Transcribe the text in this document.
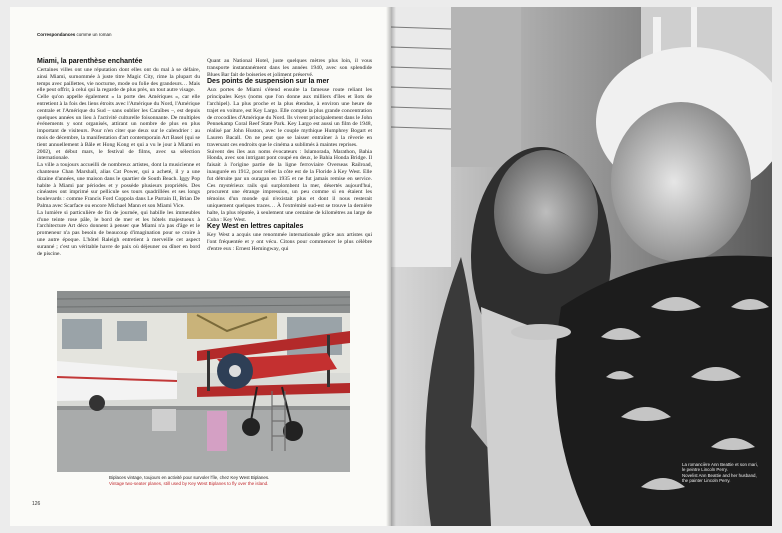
Correspondances comme un roman
Miami, la parenthèse enchantée

Certaines villes ont une réputation dont elles ont du mal à se défaire, ainsi Miami, surnommée à juste titre Magic City, rime la plupart du temps avec paillettes, vie nocturne, mode ou folie des grandeurs… Mais elle peut offrir, à celui qui la regarde de plus près, un tout autre visage.

Celle qu'on appelle également « la porte des Amériques », car elle entretient à la fois des liens étroits avec l'Amérique du Nord, l'Amérique centrale et l'Amérique du Sud – sans oublier les Caraïbes –, est depuis quelques années un lieu à l'activité culturelle foisonnante. De multiples événements y sont organisés, attirant un nombre de plus en plus important de visiteurs. Pour n'en citer que deux sur le calendrier : au mois de décembre, la manifestation d'art contemporain Art Basel (qui se tient annuellement à Bâle et Hong Kong et qui a vu le jour à Miami en 2002), et début mars, le festival de films, avec sa sélection internationale.

La ville a toujours accueilli de nombreux artistes, dont la musicienne et chanteuse Chan Marshall, alias Cat Power, qui a acheté, il y a une dizaine d'années, une maison dans le quartier de South Beach. Iggy Pop habite à Miami par périodes et y possède plusieurs propriétés. Des cinéastes ont imprimé sur pellicule ses tours quadrillées et ses longs boulevards : comme Francis Ford Coppola dans Le Parrain II, Brian De Palma avec Scarface ou encore Michael Mann et son Miami Vice.

La lumière si particulière de fin de journée, qui habille les immeubles d'une teinte rose pâle, le bord de mer et les hôtels majestueux à l'architecture Art déco donnent à penser que Miami n'a pas d'âge et le promeneur n'a pas besoin de beaucoup d'imagination pour se croire à une autre époque. L'hôtel Raleigh entretient à merveille cet aspect suranné ; c'est un véritable havre de paix où déjeuner ou dîner en bord de piscine.

Quant au National Hotel, juste quelques mètres plus loin, il vous transporte instantanément dans les années 1940, avec son splendide Blues Bar fait de boiseries et joliment préservé.

Des points de suspension sur la mer

Aux portes de Miami s'étend ensuite la fameuse route reliant les principales Keys (noms que l'on donne aux milliers d'îles et îlots de l'archipel). La plus proche et la plus étendue, à environ une heure de trajet en voiture, est Key Largo. Elle compte la plus grande concentration de crocodiles d'Amérique du Nord. Ils vivent principalement dans le John Pennekamp Coral Reef State Park. Key Largo est aussi un film de 1948, réalisé par John Huston, avec le couple mythique Humphrey Bogart et Lauren Bacall. On ne peut que se laisser entraîner à la rêverie en traversant ces endroits que le cinéma a sublimés à maintes reprises.

Suivent des îles aux noms évocateurs : Islamorada, Marathon, Bahia Honda, avec son intrigant pont coupé en deux, le Bahia Honda Bridge. Il faisait à l'origine partie de la ligne ferroviaire Overseas Railroad, inaugurée en 1912, pour relier la côte est de la Floride à Key West. Elle fut détruite par un ouragan en 1935 et ne fut jamais remise en service. Ces mystérieux rails qui surplombent la mer, désertés aujourd'hui, procurent une étrange impression, un peu comme si en étaient les témoins d'un monde qui n'existait plus et dont il nous resterait uniquement quelques traces… À l'extrémité sud-est se trouve la dernière halte, la plus réputée, à seulement une centaine de kilomètres au large de Cuba : Key West.

Key West en lettres capitales

Key West a acquis une renommée internationale grâce aux artistes qui l'ont fréquentée et y ont vécu. Citons pour commencer le plus célèbre d'entre eux : Ernest Hemingway, qui

Biplaces vintage, toujours en activité pour survoler l'île, chez Key West Biplanes.
Vintage two-seater planes, still used by Key West Biplanes to fly over the island.
126
La romancière Ann Beattie et son mari, le peintre Lincoln Perry.
Novelist Ann Beattie and her husband, the painter Lincoln Perry.
